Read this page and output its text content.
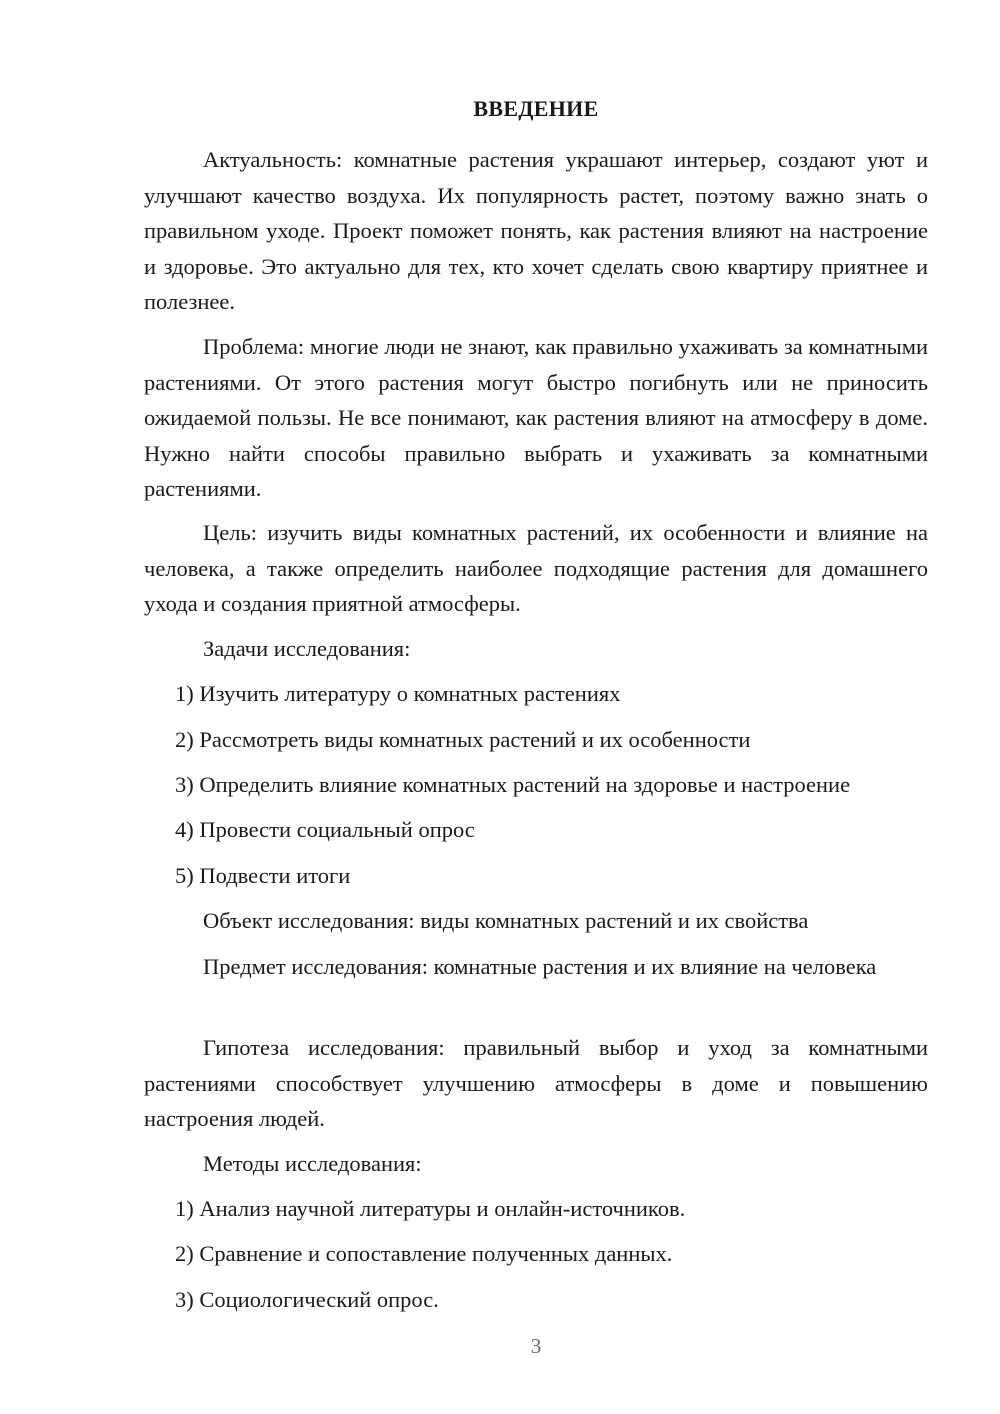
ВВЕДЕНИЕ

Актуальность: комнатные растения украшают интерьер, создают уют и улучшают качество воздуха. Их популярность растет, поэтому важно знать о правильном уходе. Проект поможет понять, как растения влияют на настроение и здоровье. Это актуально для тех, кто хочет сделать свою квартиру приятнее и полезнее.

Проблема: многие люди не знают, как правильно ухаживать за комнатными растениями. От этого растения могут быстро погибнуть или не приносить ожидаемой пользы. Не все понимают, как растения влияют на атмосферу в доме. Нужно найти способы правильно выбрать и ухаживать за комнатными растениями.

Цель: изучить виды комнатных растений, их особенности и влияние на человека, а также определить наиболее подходящие растения для домашнего ухода и создания приятной атмосферы.

Задачи исследования:

1) Изучить литературу о комнатных растениях

2) Рассмотреть виды комнатных растений и их особенности

3) Определить влияние комнатных растений на здоровье и настроение

4) Провести социальный опрос

5) Подвести итоги

Объект исследования: виды комнатных растений и их свойства

Предмет исследования: комнатные растения и их влияние на человека

Гипотеза исследования: правильный выбор и уход за комнатными растениями способствует улучшению атмосферы в доме и повышению настроения людей.

Методы исследования:

1) Анализ научной литературы и онлайн-источников.

2) Сравнение и сопоставление полученных данных.

3) Социологический опрос.

3
